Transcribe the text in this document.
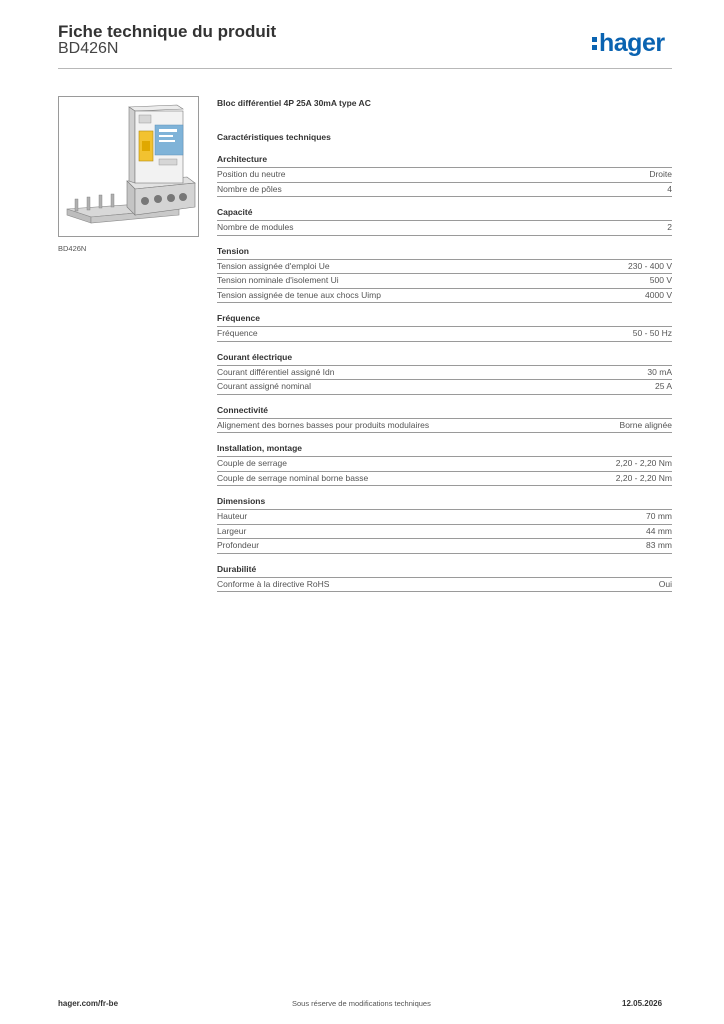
Fiche technique du produit
BD426N	hager
BD426N
Bloc différentiel 4P 25A 30mA type AC
Caractéristiques techniques
Architecture
Position du neutre	Droite
Nombre de pôles	4
Capacité
Nombre de modules	2
Tension
Tension assignée d'emploi Ue	230 - 400 V
Tension nominale d'isolement Ui	500 V
Tension assignée de tenue aux chocs Uimp	4000 V
Fréquence
Fréquence	50 - 50 Hz
Courant électrique
Courant différentiel assigné Idn	30 mA
Courant assigné nominal	25 A
Connectivité
Alignement des bornes basses pour produits modulaires	Borne alignée
Installation, montage
Couple de serrage	2,20 - 2,20 Nm
Couple de serrage nominal borne basse	2,20 - 2,20 Nm
Dimensions
Hauteur	70 mm
Largeur	44 mm
Profondeur	83 mm
Durabilité
Conforme à la directive RoHS	Oui
hager.com/fr-be	Sous réserve de modifications techniques	12.05.2026
